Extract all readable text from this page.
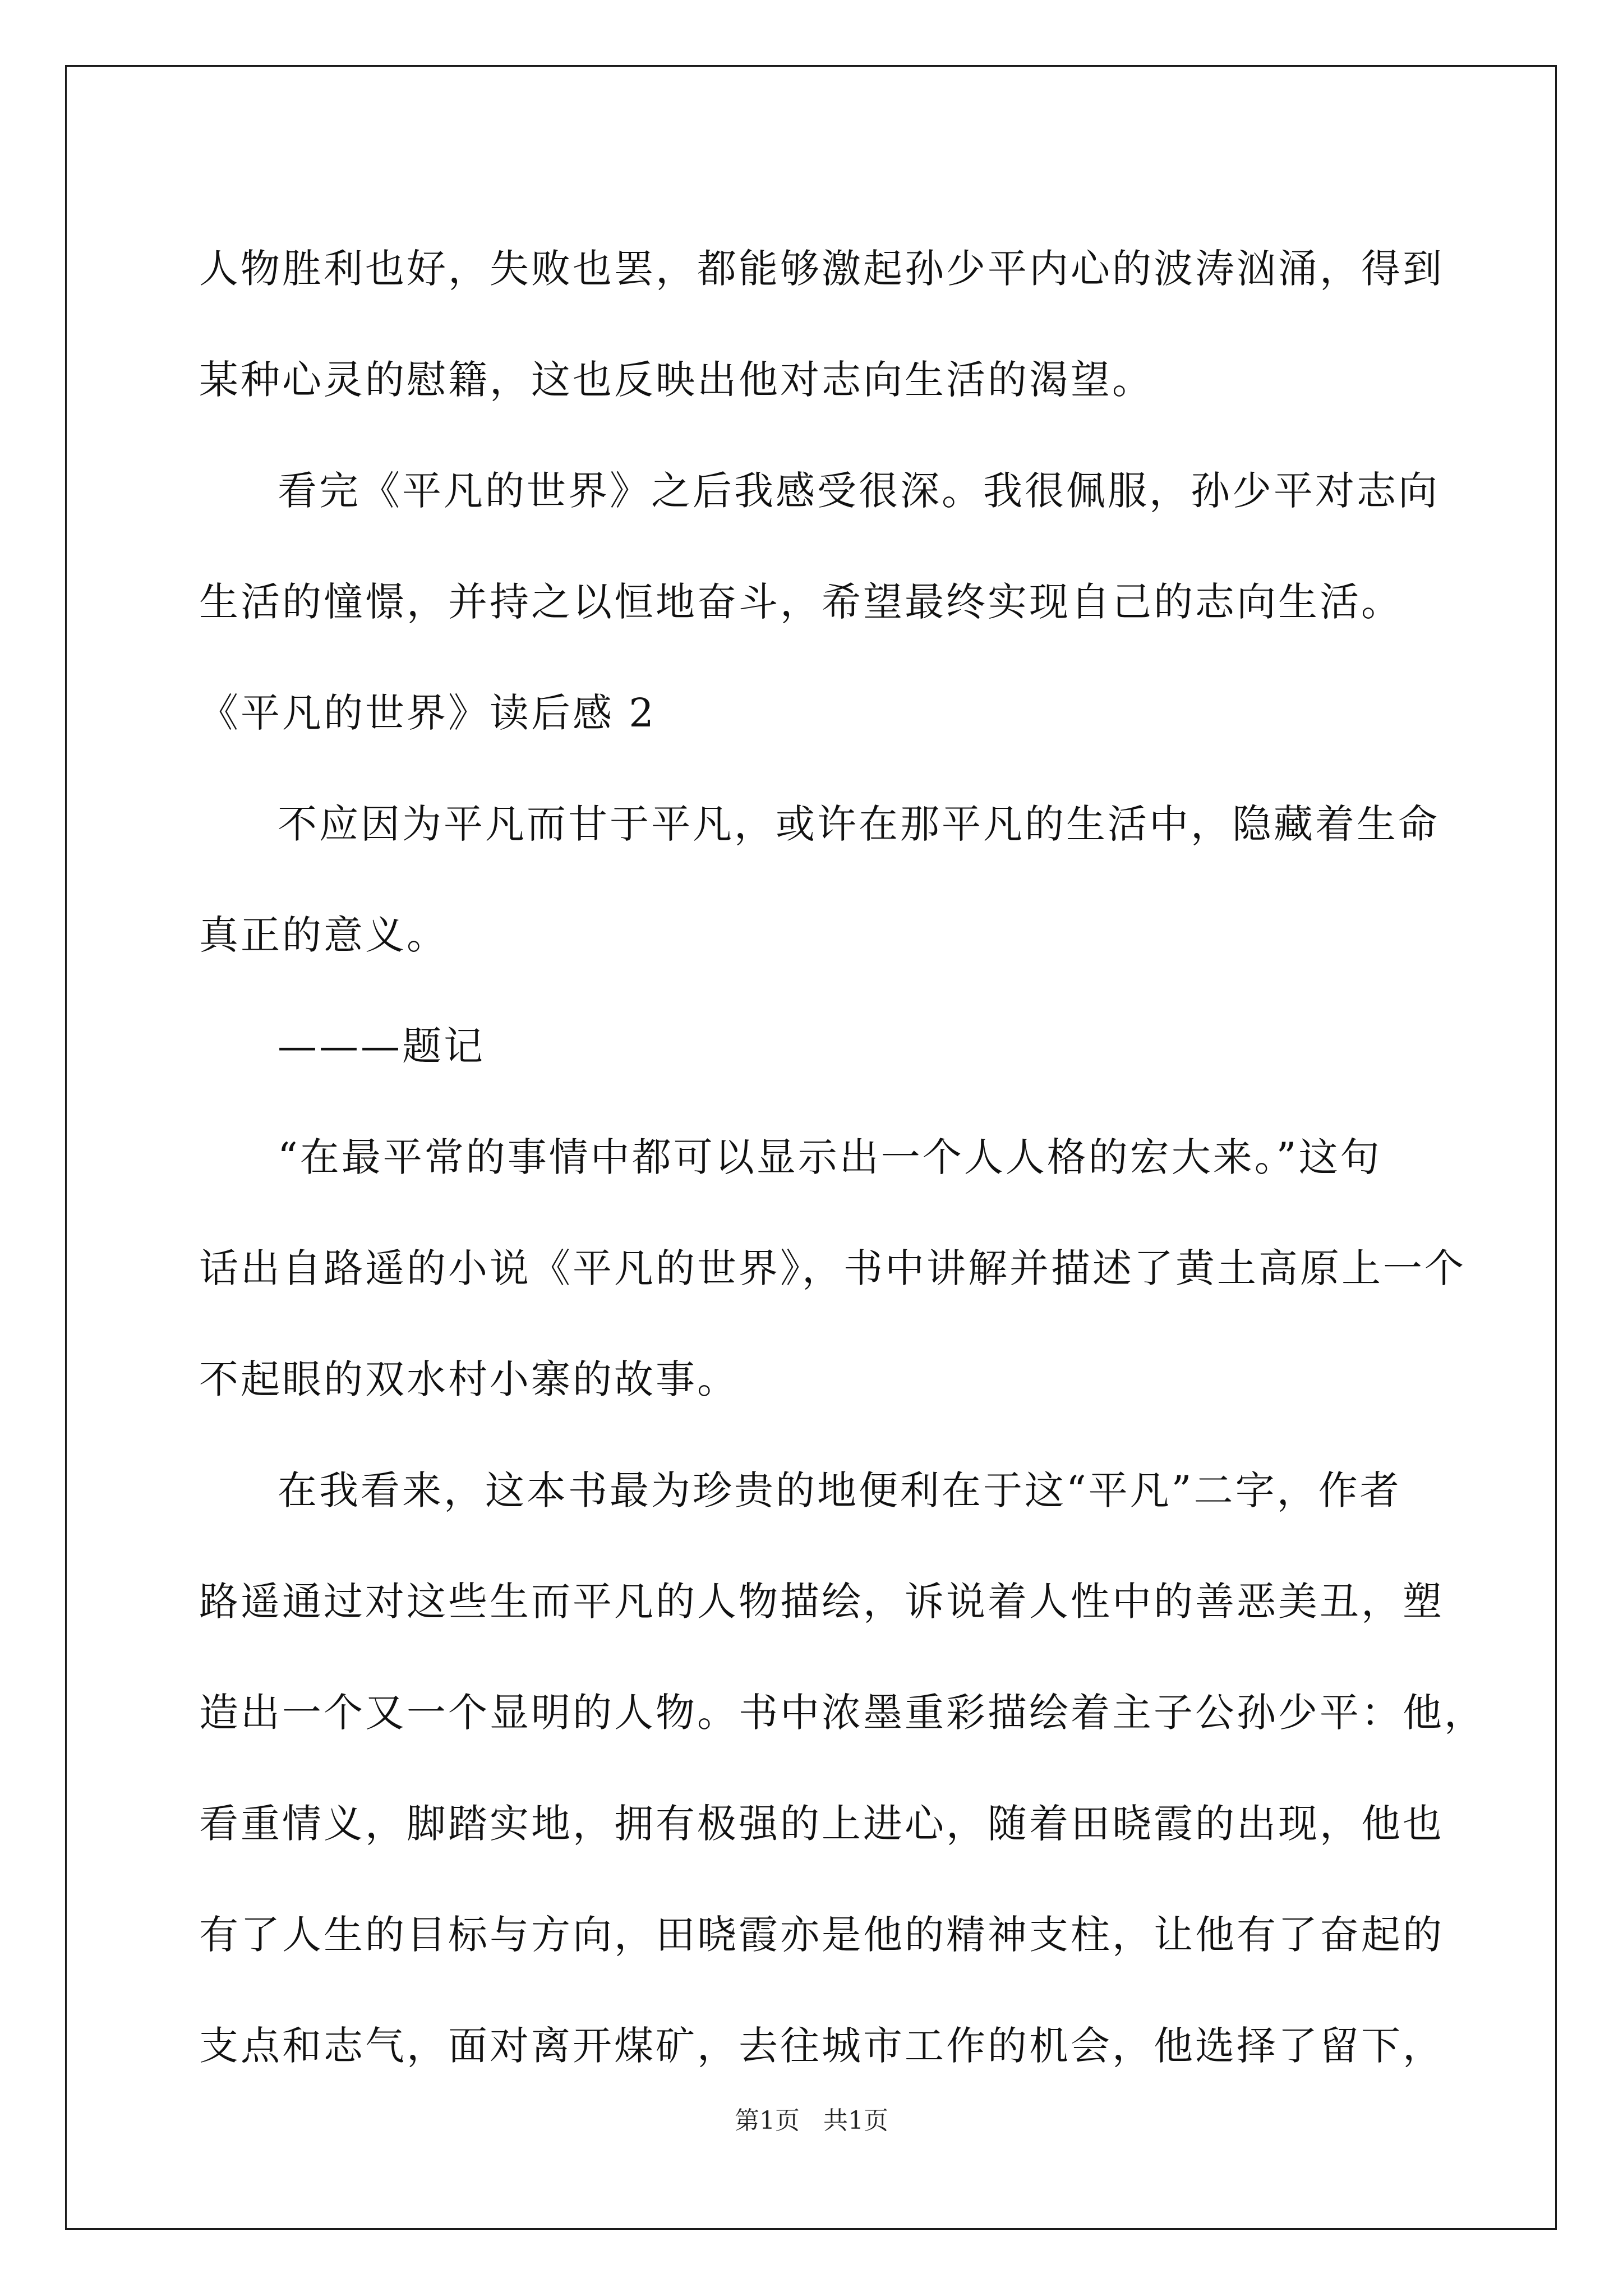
人物胜利也好，失败也罢，都能够激起孙少平内心的波涛汹涌，得到
某种心灵的慰籍，这也反映出他对志向生活的渴望。
看完《平凡的世界》之后我感受很深。我很佩服，孙少平对志向
生活的憧憬，并持之以恒地奋斗，希望最终实现自己的志向生活。
《平凡的世界》读后感 2
不应因为平凡而甘于平凡，或许在那平凡的生活中，隐藏着生命
真正的意义。
———题记
“在最平常的事情中都可以显示出一个人人格的宏大来。”这句
话出自路遥的小说《平凡的世界》，书中讲解并描述了黄土高原上一个
不起眼的双水村小寨的故事。
在我看来，这本书最为珍贵的地便利在于这“平凡”二字，作者
路遥通过对这些生而平凡的人物描绘，诉说着人性中的善恶美丑，塑
造出一个又一个显明的人物。书中浓墨重彩描绘着主子公孙少平：他，
看重情义，脚踏实地，拥有极强的上进心，随着田晓霞的出现，他也
有了人生的目标与方向，田晓霞亦是他的精神支柱，让他有了奋起的
支点和志气，面对离开煤矿，去往城市工作的机会，他选择了留下，
第1页   共1页
